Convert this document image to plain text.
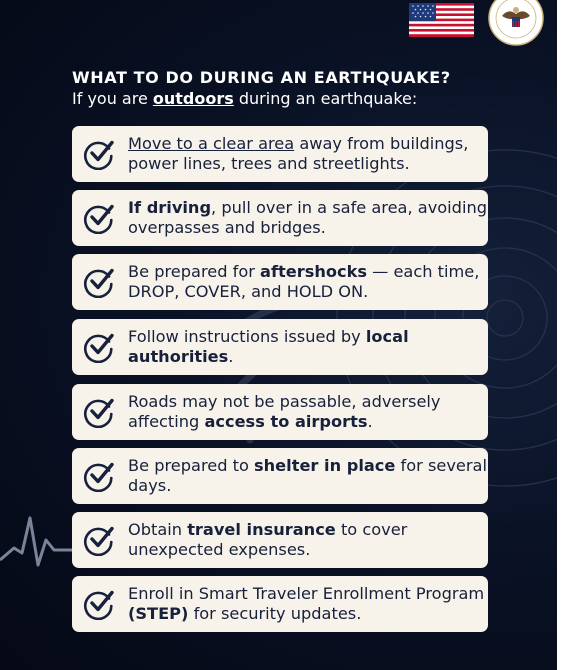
WHAT TO DO DURING AN EARTHQUAKE?
If you are outdoors during an earthquake:
Move to a clear area away from buildings, power lines, trees and streetlights.
If driving, pull over in a safe area, avoiding overpasses and bridges.
Be prepared for aftershocks — each time, DROP, COVER, and HOLD ON.
Follow instructions issued by local authorities.
Roads may not be passable, adversely affecting access to airports.
Be prepared to shelter in place for several days.
Obtain travel insurance to cover unexpected expenses.
Enroll in Smart Traveler Enrollment Program (STEP) for security updates.
